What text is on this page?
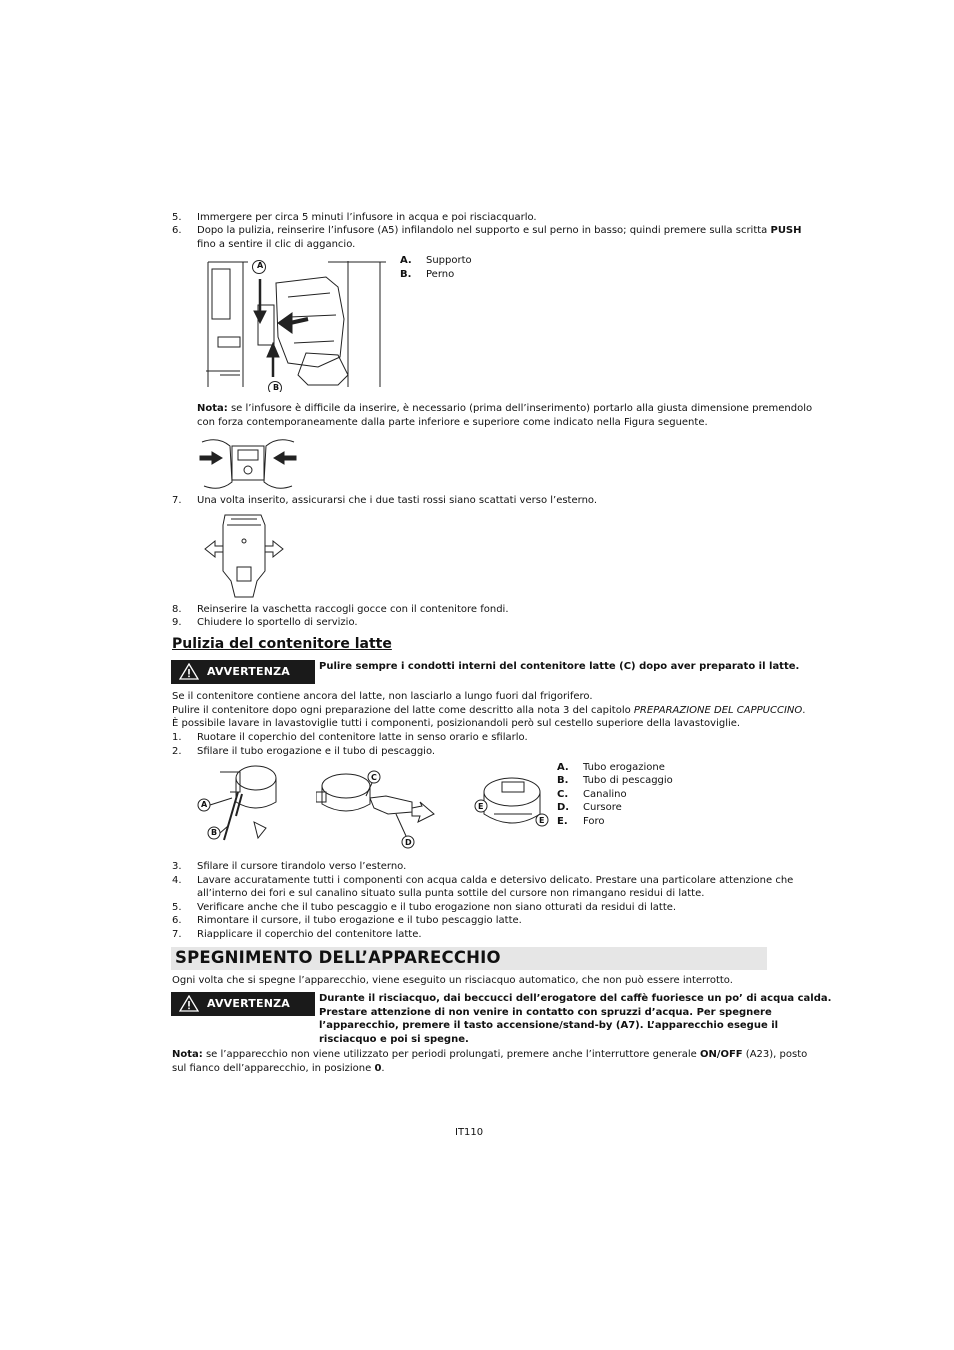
5. Immergere per circa 5 minuti l’infusore in acqua e poi risciacquarlo.
6. Dopo la pulizia, reinserire l’infusore (A5) infilandolo nel supporto e sul perno in basso; quindi premere sulla scritta PUSH
fino a sentire il clic di aggancio.
A
B
A. Supporto
B. Perno
Nota: se l’infusore è difficile da inserire, è necessario (prima dell’inserimento) portarlo alla giusta dimensione premendolo
con forza contemporaneamente dalla parte inferiore e superiore come indicato nella Figura seguente.
7. Una volta inserito, assicurarsi che i due tasti rossi siano scattati verso l’esterno.
8. Reinserire la vaschetta raccogli gocce con il contenitore fondi.
9. Chiudere lo sportello di servizio.
Pulizia del contenitore latte
AVVERTENZA	Pulire sempre i condotti interni del contenitore latte (C) dopo aver preparato il latte.
Se il contenitore contiene ancora del latte, non lasciarlo a lungo fuori dal frigorifero.
Pulire il contenitore dopo ogni preparazione del latte come descritto alla nota 3 del capitolo PREPARAZIONE DEL CAPPUCCINO.
È possibile lavare in lavastoviglie tutti i componenti, posizionandoli però sul cestello superiore della lavastoviglie.
1. Ruotare il coperchio del contenitore latte in senso orario e sfilarlo.
2. Sfilare il tubo erogazione e il tubo di pescaggio.
A
B
C
D
E
E
A. Tubo erogazione
B. Tubo di pescaggio
C. Canalino
D. Cursore
E. Foro
3. Sfilare il cursore tirandolo verso l’esterno.
4. Lavare accuratamente tutti i componenti con acqua calda e detersivo delicato. Prestare una particolare attenzione che
all’interno dei fori e sul canalino situato sulla punta sottile del cursore non rimangano residui di latte.
5. Verificare anche che il tubo pescaggio e il tubo erogazione non siano otturati da residui di latte.
6. Rimontare il cursore, il tubo erogazione e il tubo pescaggio latte.
7. Riapplicare il coperchio del contenitore latte.
SPEGNIMENTO DELL’APPARECCHIO
Ogni volta che si spegne l’apparecchio, viene eseguito un risciacquo automatico, che non può essere interrotto.
AVVERTENZA	Durante il risciacquo, dai beccucci dell’erogatore del caffè fuoriesce un po’ di acqua calda.
Prestare attenzione di non venire in contatto con spruzzi d’acqua. Per spegnere
l’apparecchio, premere il tasto accensione/stand-by (A7). L’apparecchio esegue il
risciacquo e poi si spegne.
Nota: se l’apparecchio non viene utilizzato per periodi prolungati, premere anche l’interruttore generale ON/OFF (A23), posto
sul fianco dell’apparecchio, in posizione 0.
IT110
